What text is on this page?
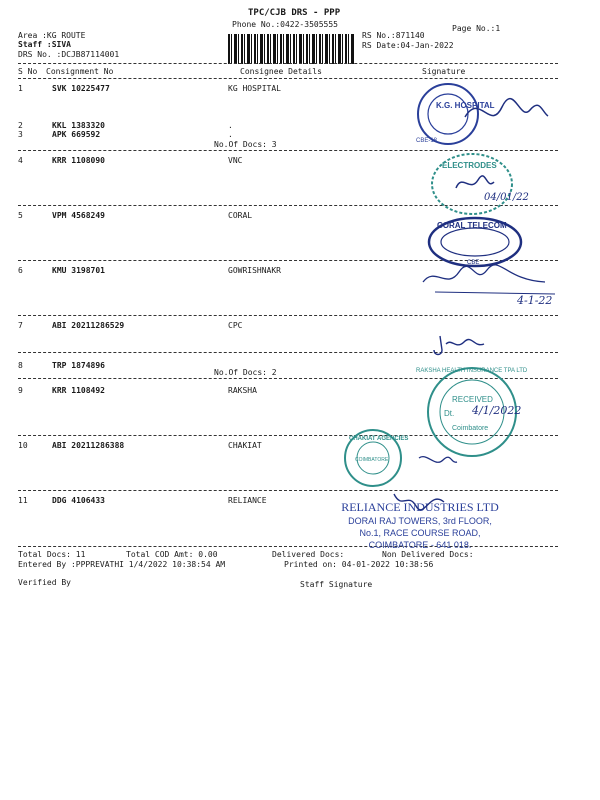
TPC/CJB DRS - PPP
Phone No.:0422-3505555	Page No.:1
Area :KG ROUTE
Staff :SIVA
DRS No. :DCJB87114001
RS No.:871140
RS Date:04-Jan-2022
S No Consignment No	Consignee Details	Signature
1	SVK 10225477	KG HOSPITAL
2	KKL 1383320	.
3	APK 669592	.
No.Of Docs: 3
4	KRR 1108090	VNC
5	VPM 4568249	CORAL
6	KMU 3198701	GOWRISHNAKR
7	ABI 20211286529	CPC
8	TRP 1874896
No.Of Docs: 2
9	KRR 1108492	RAKSHA
10	ABI 20211286388	CHAKIAT
11	DDG 4106433	RELIANCE
Total Docs: 11	Total COD Amt: 0.00	Delivered Docs:	Non Delivered Docs:
Entered By :PPPREVATHI 1/4/2022 10:38:54 AM	Printed on: 04-01-2022 10:38:56
Verified By	Staff Signature
K.G. HOSPITAL
CBE-18
ELECTRODES
04/01/22
CORAL TELECOM
CBE
4-1-22
RAKSHA HEALTH INSURANCE TPA LTD
RECEIVED
Dt. 4/1/2022
Coimbatore
CHAKIAT AGENCIES
COIMBATORE
RELIANCE INDUSTRIES LTD
DORAI RAJ TOWERS, 3rd FLOOR,
No.1, RACE COURSE ROAD,
COIMBATORE - 641 018.
